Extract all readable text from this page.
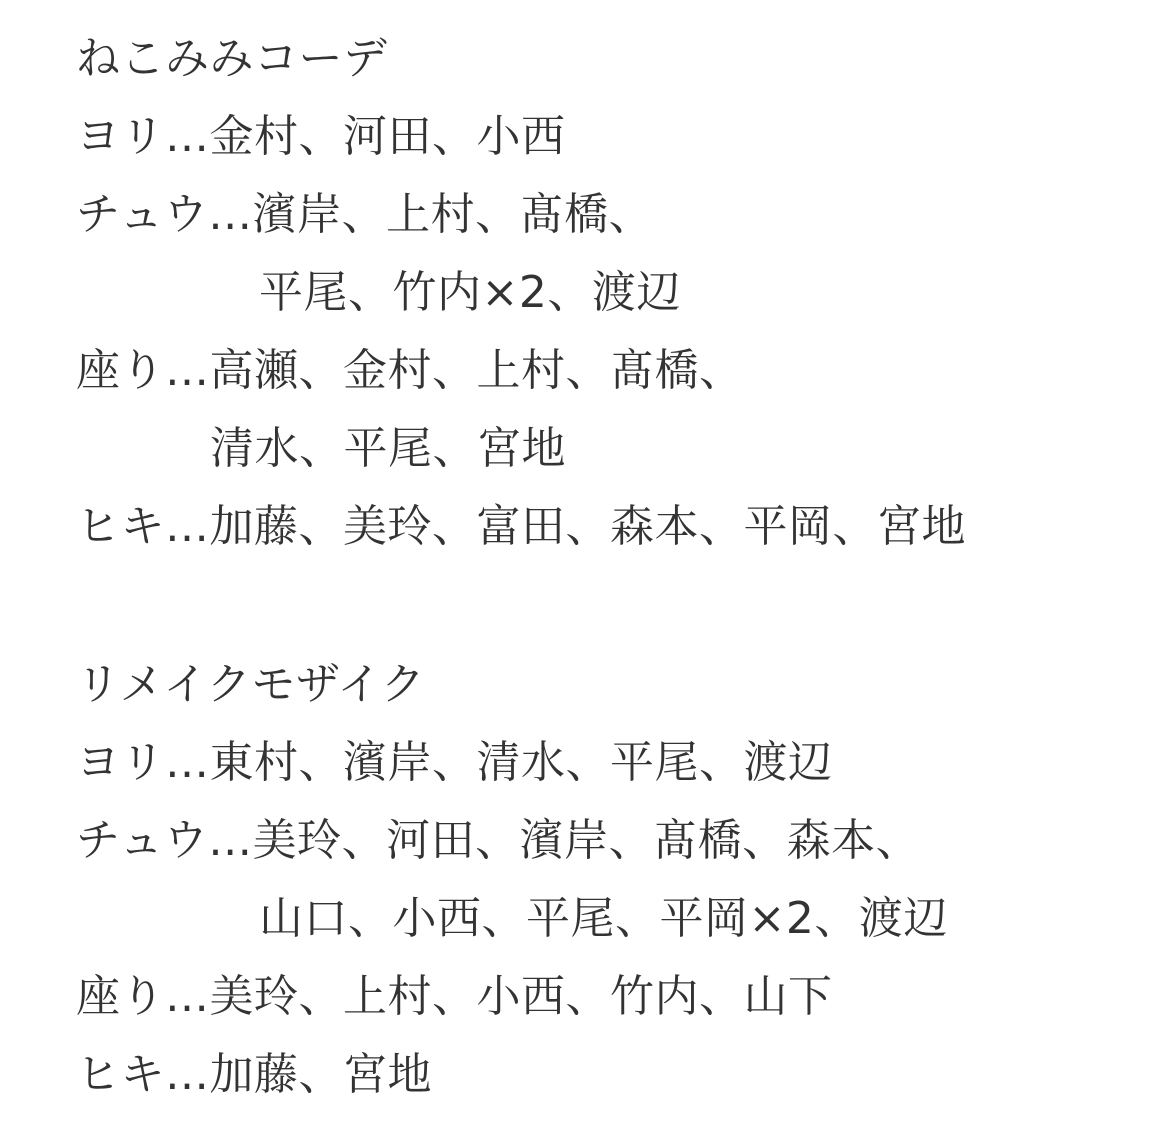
ねこみみコーデ
ヨリ…金村、河田、小西
チュウ…濱岸、上村、髙橋、
平尾、竹内×2、渡辺
座り…高瀬、金村、上村、髙橋、
清水、平尾、宮地
ヒキ…加藤、美玲、富田、森本、平岡、宮地
リメイクモザイク
ヨリ…東村、濱岸、清水、平尾、渡辺
チュウ…美玲、河田、濱岸、髙橋、森本、
山口、小西、平尾、平岡×2、渡辺
座り…美玲、上村、小西、竹内、山下
ヒキ…加藤、宮地
